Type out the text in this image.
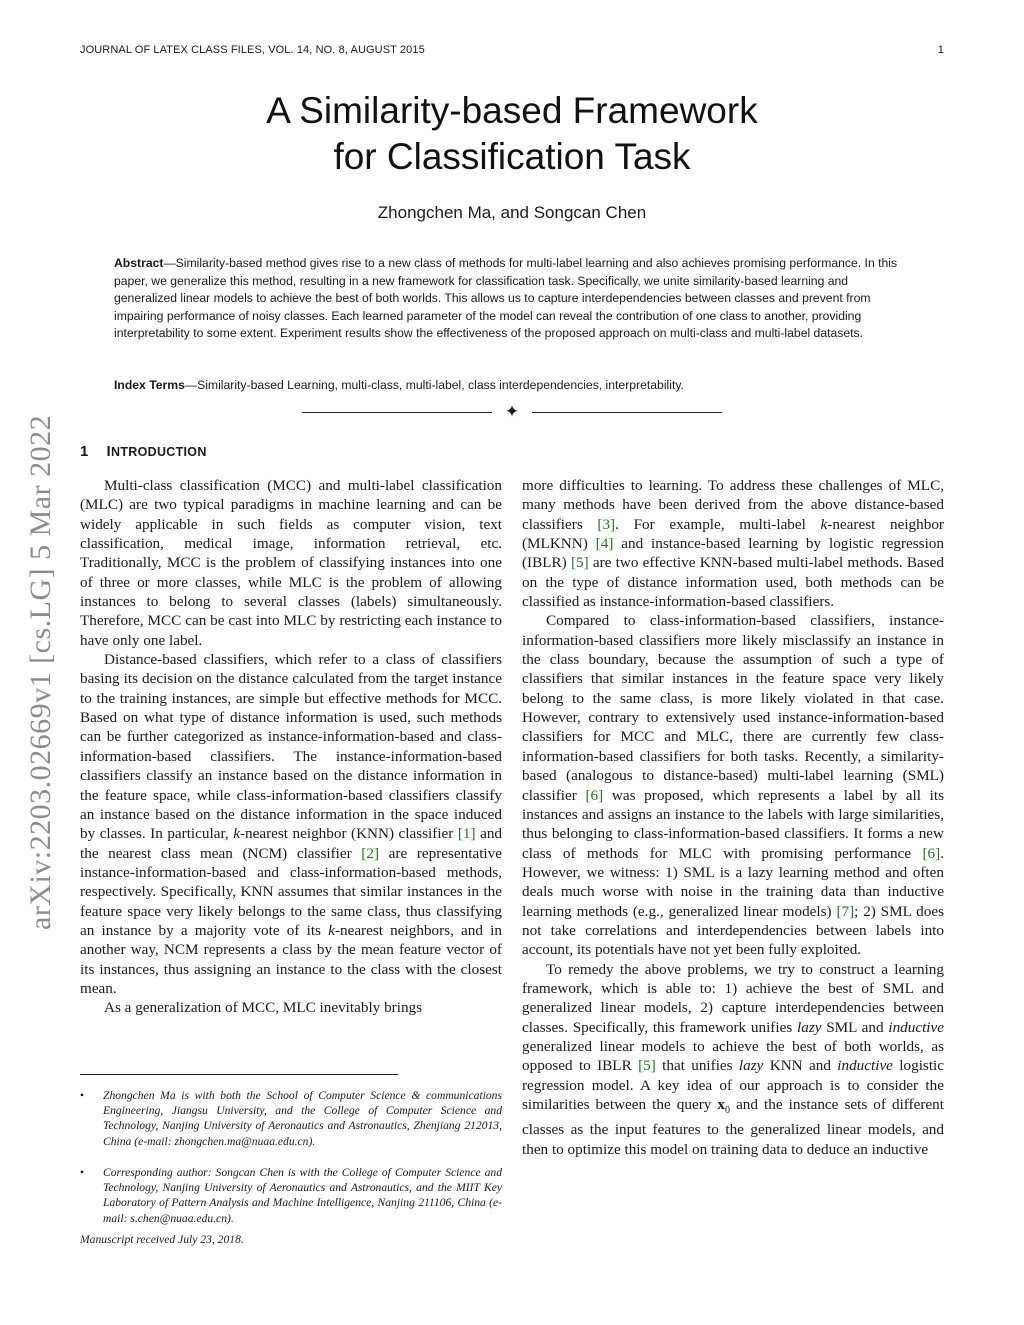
JOURNAL OF LATEX CLASS FILES, VOL. 14, NO. 8, AUGUST 2015	1
arXiv:2203.02669v1 [cs.LG] 5 Mar 2022
A Similarity-based Framework
for Classification Task
Zhongchen Ma, and Songcan Chen
Abstract—Similarity-based method gives rise to a new class of methods for multi-label learning and also achieves promising performance. In this paper, we generalize this method, resulting in a new framework for classification task. Specifically, we unite similarity-based learning and generalized linear models to achieve the best of both worlds. This allows us to capture interdependencies between classes and prevent from impairing performance of noisy classes. Each learned parameter of the model can reveal the contribution of one class to another, providing interpretability to some extent. Experiment results show the effectiveness of the proposed approach on multi-class and multi-label datasets.
Index Terms—Similarity-based Learning, multi-class, multi-label, class interdependencies, interpretability.
✦
1 INTRODUCTION

Multi-class classification (MCC) and multi-label classification (MLC) are two typical paradigms in machine learning and can be widely applicable in such fields as computer vision, text classification, medical image, information retrieval, etc. Traditionally, MCC is the problem of classifying instances into one of three or more classes, while MLC is the problem of allowing instances to belong to several classes (labels) simultaneously. Therefore, MCC can be cast into MLC by restricting each instance to have only one label.

Distance-based classifiers, which refer to a class of classifiers basing its decision on the distance calculated from the target instance to the training instances, are simple but effective methods for MCC. Based on what type of distance information is used, such methods can be further categorized as instance-information-based and class-information-based classifiers. The instance-information-based classifiers classify an instance based on the distance information in the feature space, while class-information-based classifiers classify an instance based on the distance information in the space induced by classes. In particular, k-nearest neighbor (KNN) classifier [1] and the nearest class mean (NCM) classifier [2] are representative instance-information-based and class-information-based methods, respectively. Specifically, KNN assumes that similar instances in the feature space very likely belongs to the same class, thus classifying an instance by a majority vote of its k-nearest neighbors, and in another way, NCM represents a class by the mean feature vector of its instances, thus assigning an instance to the class with the closest mean.

As a generalization of MCC, MLC inevitably brings

more difficulties to learning. To address these challenges of MLC, many methods have been derived from the above distance-based classifiers [3]. For example, multi-label k-nearest neighbor (MLKNN) [4] and instance-based learning by logistic regression (IBLR) [5] are two effective KNN-based multi-label methods. Based on the type of distance information used, both methods can be classified as instance-information-based classifiers.

Compared to class-information-based classifiers, instance-information-based classifiers more likely misclassify an instance in the class boundary, because the assumption of such a type of classifiers that similar instances in the feature space very likely belong to the same class, is more likely violated in that case. However, contrary to extensively used instance-information-based classifiers for MCC and MLC, there are currently few class-information-based classifiers for both tasks. Recently, a similarity-based (analogous to distance-based) multi-label learning (SML) classifier [6] was proposed, which represents a label by all its instances and assigns an instance to the labels with large similarities, thus belonging to class-information-based classifiers. It forms a new class of methods for MLC with promising performance [6]. However, we witness: 1) SML is a lazy learning method and often deals much worse with noise in the training data than inductive learning methods (e.g., generalized linear models) [7]; 2) SML does not take correlations and interdependencies between labels into account, its potentials have not yet been fully exploited.

To remedy the above problems, we try to construct a learning framework, which is able to: 1) achieve the best of SML and generalized linear models, 2) capture interdependencies between classes. Specifically, this framework unifies lazy SML and inductive generalized linear models to achieve the best of both worlds, as opposed to IBLR [5] that unifies lazy KNN and inductive logistic regression model. A key idea of our approach is to consider the similarities between the query $x_0$ and the instance sets of different classes as the input features to the generalized linear models, and then to optimize this model on training data to deduce an inductive

• Zhongchen Ma is with both the School of Computer Science & communications Engineering, Jiangsu University, and the College of Computer Science and Technology, Nanjing University of Aeronautics and Astronautics, Zhenjiang 212013, China (e-mail: zhongchen.ma@nuaa.edu.cn).
• Corresponding author: Songcan Chen is with the College of Computer Science and Technology, Nanjing University of Aeronautics and Astronautics, and the MIIT Key Laboratory of Pattern Analysis and Machine Intelligence, Nanjing 211106, China (e-mail: s.chen@nuaa.edu.cn).
Manuscript received July 23, 2018.
